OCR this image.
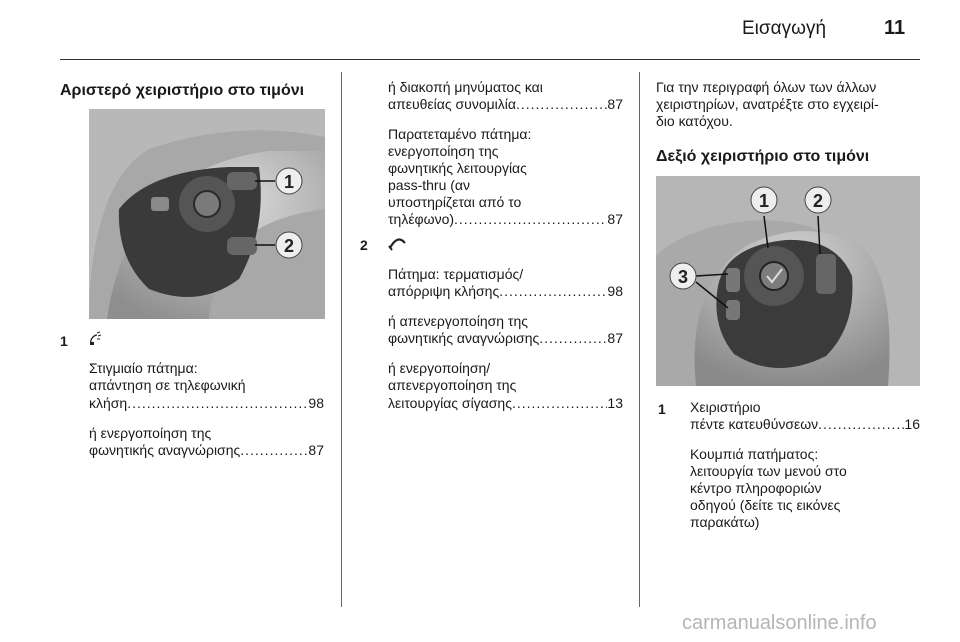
Εισαγωγή	11
Αριστερό χειριστήριο στο τιμόνι
1
2
1
Στιγμιαίο πάτημα:
απάντηση σε τηλεφωνική
κλήση .....	98
ή ενεργοποίηση της
φωνητικής αναγνώρισης .....	87
ή διακοπή μηνύματος και
απευθείας συνομιλία .....	87
Παρατεταμένο πάτημα:
ενεργοποίηση της
φωνητικής λειτουργίας
pass-thru (αν
υποστηρίζεται από το
τηλέφωνο) .....	87
2
Πάτημα: τερματισμός/
απόρριψη κλήσης .....	98
ή απενεργοποίηση της
φωνητικής αναγνώρισης .....	87
ή ενεργοποίηση/
απενεργοποίηση της
λειτουργίας σίγασης .....	13
Για την περιγραφή όλων των άλλων
χειριστηρίων, ανατρέξτε στο εγχειρί-
διο κατόχου.
Δεξιό χειριστήριο στο τιμόνι
1 2
3
1 Χειριστήριο
πέντε κατευθύνσεων .....	16
Κουμπιά πατήματος:
λειτουργία των μενού στο
κέντρο πληροφοριών
οδηγού (δείτε τις εικόνες
παρακάτω)
carmanualsonline.info
